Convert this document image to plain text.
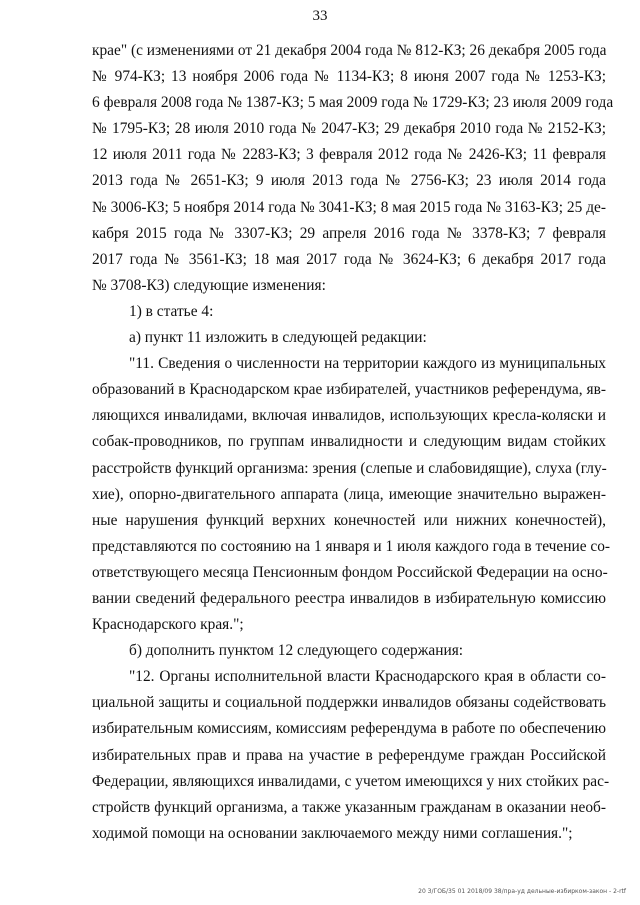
33

крае" (с изменениями от 21 декабря 2004 года № 812-КЗ; 26 декабря 2005 года
№ 974-КЗ; 13 ноября 2006 года № 1134-КЗ; 8 июня 2007 года № 1253-КЗ;
6 февраля 2008 года № 1387-КЗ; 5 мая 2009 года № 1729-КЗ; 23 июля 2009 года
№ 1795-КЗ; 28 июля 2010 года № 2047-КЗ; 29 декабря 2010 года № 2152-КЗ;
12 июля 2011 года № 2283-КЗ; 3 февраля 2012 года № 2426-КЗ; 11 февраля
2013 года № 2651-КЗ; 9 июля 2013 года № 2756-КЗ; 23 июля 2014 года
№ 3006-КЗ; 5 ноября 2014 года № 3041-КЗ; 8 мая 2015 года № 3163-КЗ; 25 де-
кабря 2015 года № 3307-КЗ; 29 апреля 2016 года № 3378-КЗ; 7 февраля
2017 года № 3561-КЗ; 18 мая 2017 года № 3624-КЗ; 6 декабря 2017 года
№ 3708-КЗ) следующие изменения:

1) в статье 4:

а) пункт 11 изложить в следующей редакции:

"11. Сведения о численности на территории каждого из муниципальных
образований в Краснодарском крае избирателей, участников референдума, яв-
ляющихся инвалидами, включая инвалидов, использующих кресла-коляски и
собак-проводников, по группам инвалидности и следующим видам стойких
расстройств функций организма: зрения (слепые и слабовидящие), слуха (глу-
хие), опорно-двигательного аппарата (лица, имеющие значительно выражен-
ные нарушения функций верхних конечностей или нижних конечностей),
представляются по состоянию на 1 января и 1 июля каждого года в течение со-
ответствующего месяца Пенсионным фондом Российской Федерации на осно-
вании сведений федерального реестра инвалидов в избирательную комиссию
Краснодарского края.";

б) дополнить пунктом 12 следующего содержания:

"12. Органы исполнительной власти Краснодарского края в области со-
циальной защиты и социальной поддержки инвалидов обязаны содействовать
избирательным комиссиям, комиссиям референдума в работе по обеспечению
избирательных прав и права на участие в референдуме граждан Российской
Федерации, являющихся инвалидами, с учетом имеющихся у них стойких рас-
стройств функций организма, а также указанным гражданам в оказании необ-
ходимой помощи на основании заключаемого между ними соглашения.";

20 З/ГОБ/35 01 2018/09 38/пра-уд дельные-избирком-закон - 2-rtf
